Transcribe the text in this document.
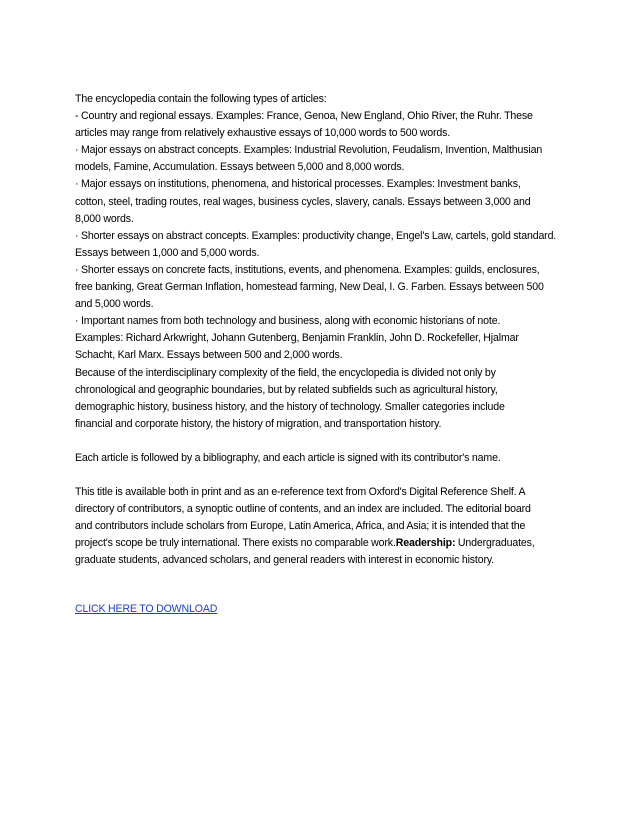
The encyclopedia contain the following types of articles:
- Country and regional essays. Examples: France, Genoa, New England, Ohio River, the Ruhr. These
articles may range from relatively exhaustive essays of 10,000 words to 500 words.
· Major essays on abstract concepts. Examples: Industrial Revolution, Feudalism, Invention, Malthusian
models, Famine, Accumulation. Essays between 5,000 and 8,000 words.
· Major essays on institutions, phenomena, and historical processes. Examples: Investment banks,
cotton, steel, trading routes, real wages, business cycles, slavery, canals. Essays between 3,000 and
8,000 words.
· Shorter essays on abstract concepts. Examples: productivity change, Engel's Law, cartels, gold standard.
Essays between 1,000 and 5,000 words.
· Shorter essays on concrete facts, institutions, events, and phenomena. Examples: guilds, enclosures,
free banking, Great German Inflation, homestead farming, New Deal, I. G. Farben. Essays between 500
and 5,000 words.
· Important names from both technology and business, along with economic historians of note.
Examples: Richard Arkwright, Johann Gutenberg, Benjamin Franklin, John D. Rockefeller, Hjalmar
Schacht, Karl Marx. Essays between 500 and 2,000 words.
Because of the interdisciplinary complexity of the field, the encyclopedia is divided not only by
chronological and geographic boundaries, but by related subfields such as agricultural history,
demographic history, business history, and the history of technology. Smaller categories include
financial and corporate history, the history of migration, and transportation history.
Each article is followed by a bibliography, and each article is signed with its contributor's name.
This title is available both in print and as an e-reference text from Oxford's Digital Reference Shelf. A
directory of contributors, a synoptic outline of contents, and an index are included. The editorial board
and contributors include scholars from Europe, Latin America, Africa, and Asia; it is intended that the
project's scope be truly international. There exists no comparable work.Readership: Undergraduates,
graduate students, advanced scholars, and general readers with interest in economic history.
CLICK HERE TO DOWNLOAD
